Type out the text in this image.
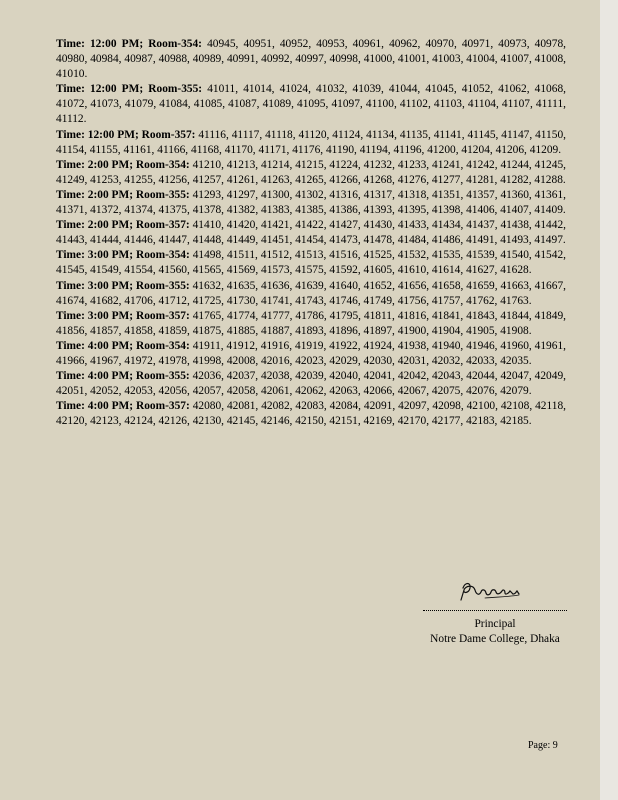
Time: 12:00 PM; Room-354: 40945, 40951, 40952, 40953, 40961, 40962, 40970, 40971, 40973, 40978, 40980, 40984, 40987, 40988, 40989, 40991, 40992, 40997, 40998, 41000, 41001, 41003, 41004, 41007, 41008, 41010.

Time: 12:00 PM; Room-355: 41011, 41014, 41024, 41032, 41039, 41044, 41045, 41052, 41062, 41068, 41072, 41073, 41079, 41084, 41085, 41087, 41089, 41095, 41097, 41100, 41102, 41103, 41104, 41107, 41111, 41112.

Time: 12:00 PM; Room-357: 41116, 41117, 41118, 41120, 41124, 41134, 41135, 41141, 41145, 41147, 41150, 41154, 41155, 41161, 41166, 41168, 41170, 41171, 41176, 41190, 41194, 41196, 41200, 41204, 41206, 41209.

Time: 2:00 PM; Room-354: 41210, 41213, 41214, 41215, 41224, 41232, 41233, 41241, 41242, 41244, 41245, 41249, 41253, 41255, 41256, 41257, 41261, 41263, 41265, 41266, 41268, 41276, 41277, 41281, 41282, 41288.

Time: 2:00 PM; Room-355: 41293, 41297, 41300, 41302, 41316, 41317, 41318, 41351, 41357, 41360, 41361, 41371, 41372, 41374, 41375, 41378, 41382, 41383, 41385, 41386, 41393, 41395, 41398, 41406, 41407, 41409.

Time: 2:00 PM; Room-357: 41410, 41420, 41421, 41422, 41427, 41430, 41433, 41434, 41437, 41438, 41442, 41443, 41444, 41446, 41447, 41448, 41449, 41451, 41454, 41473, 41478, 41484, 41486, 41491, 41493, 41497.

Time: 3:00 PM; Room-354: 41498, 41511, 41512, 41513, 41516, 41525, 41532, 41535, 41539, 41540, 41542, 41545, 41549, 41554, 41560, 41565, 41569, 41573, 41575, 41592, 41605, 41610, 41614, 41627, 41628.

Time: 3:00 PM; Room-355: 41632, 41635, 41636, 41639, 41640, 41652, 41656, 41658, 41659, 41663, 41667, 41674, 41682, 41706, 41712, 41725, 41730, 41741, 41743, 41746, 41749, 41756, 41757, 41762, 41763.

Time: 3:00 PM; Room-357: 41765, 41774, 41777, 41786, 41795, 41811, 41816, 41841, 41843, 41844, 41849, 41856, 41857, 41858, 41859, 41875, 41885, 41887, 41893, 41896, 41897, 41900, 41904, 41905, 41908.

Time: 4:00 PM; Room-354: 41911, 41912, 41916, 41919, 41922, 41924, 41938, 41940, 41946, 41960, 41961, 41966, 41967, 41972, 41978, 41998, 42008, 42016, 42023, 42029, 42030, 42031, 42032, 42033, 42035.

Time: 4:00 PM; Room-355: 42036, 42037, 42038, 42039, 42040, 42041, 42042, 42043, 42044, 42047, 42049, 42051, 42052, 42053, 42056, 42057, 42058, 42061, 42062, 42063, 42066, 42067, 42075, 42076, 42079.

Time: 4:00 PM; Room-357: 42080, 42081, 42082, 42083, 42084, 42091, 42097, 42098, 42100, 42108, 42118, 42120, 42123, 42124, 42126, 42130, 42145, 42146, 42150, 42151, 42169, 42170, 42177, 42183, 42185.

Principal
Notre Dame College, Dhaka
Page: 9
